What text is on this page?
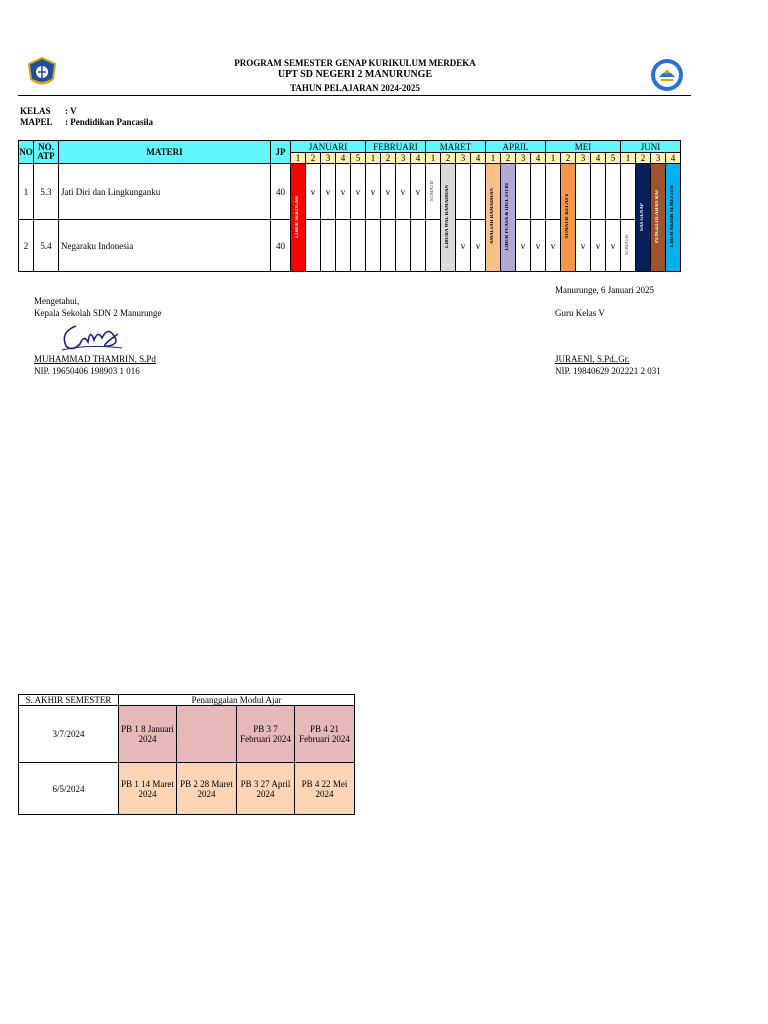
PROGRAM SEMESTER GENAP KURIKULUM MERDEKA
UPT SD NEGERI 2 MANURUNGE
TAHUN PELAJARAN 2024-2025
KELAS : V
MAPEL : Pendidikan Pancasila
NO	NO. ATP	MATERI	JP	JANUARI					FEBRUARI				MARET				APRIL				MEI					JUNI			
				1	2	3	4	5	1	2	3	4	1	2	3	4	1	2	3	4	1	2	3	4	5	1	2	3	4
1	5.3	Jati Diri dan Lingkunganku	40	LIBUR SEKOLAH	v	v	v	v	v	v	v	v	SUMATIF	LIBURA WAL RAMADHAN			AMALIAH RAMADHAN	LIBUR PUASA & IDUL FITRI				SUMATIF KELAS 6					SAS GENAP	PENGELOLAHAN RAI	LIBUR AKHIR SEMESTER
2	5.4	Negaraku Indonesia	40												v	v			v	v	v		v	v	v	SUMATIF			
Mengetahui,
Kepala Sekolah SDN 2 Manurunge
MUHAMMAD THAMRIN, S.Pd
NIP. 19650406 198903 1 016
Manurunge, 6 Januari 2025
Guru Kelas V
JURAENI, S.Pd.,Gr.
NIP. 19840629 202221 2 031
S. AKHIR SEMESTER	Penanggalan Modul Ajar			
3/7/2024	PB 1 8 Januari 2024		PB 3 7 Februari 2024	PB 4 21 Februari 2024
6/5/2024	PB 1 14 Maret 2024	PB 2 28 Maret 2024	PB 3 27 April 2024	PB 4 22 Mei 2024
